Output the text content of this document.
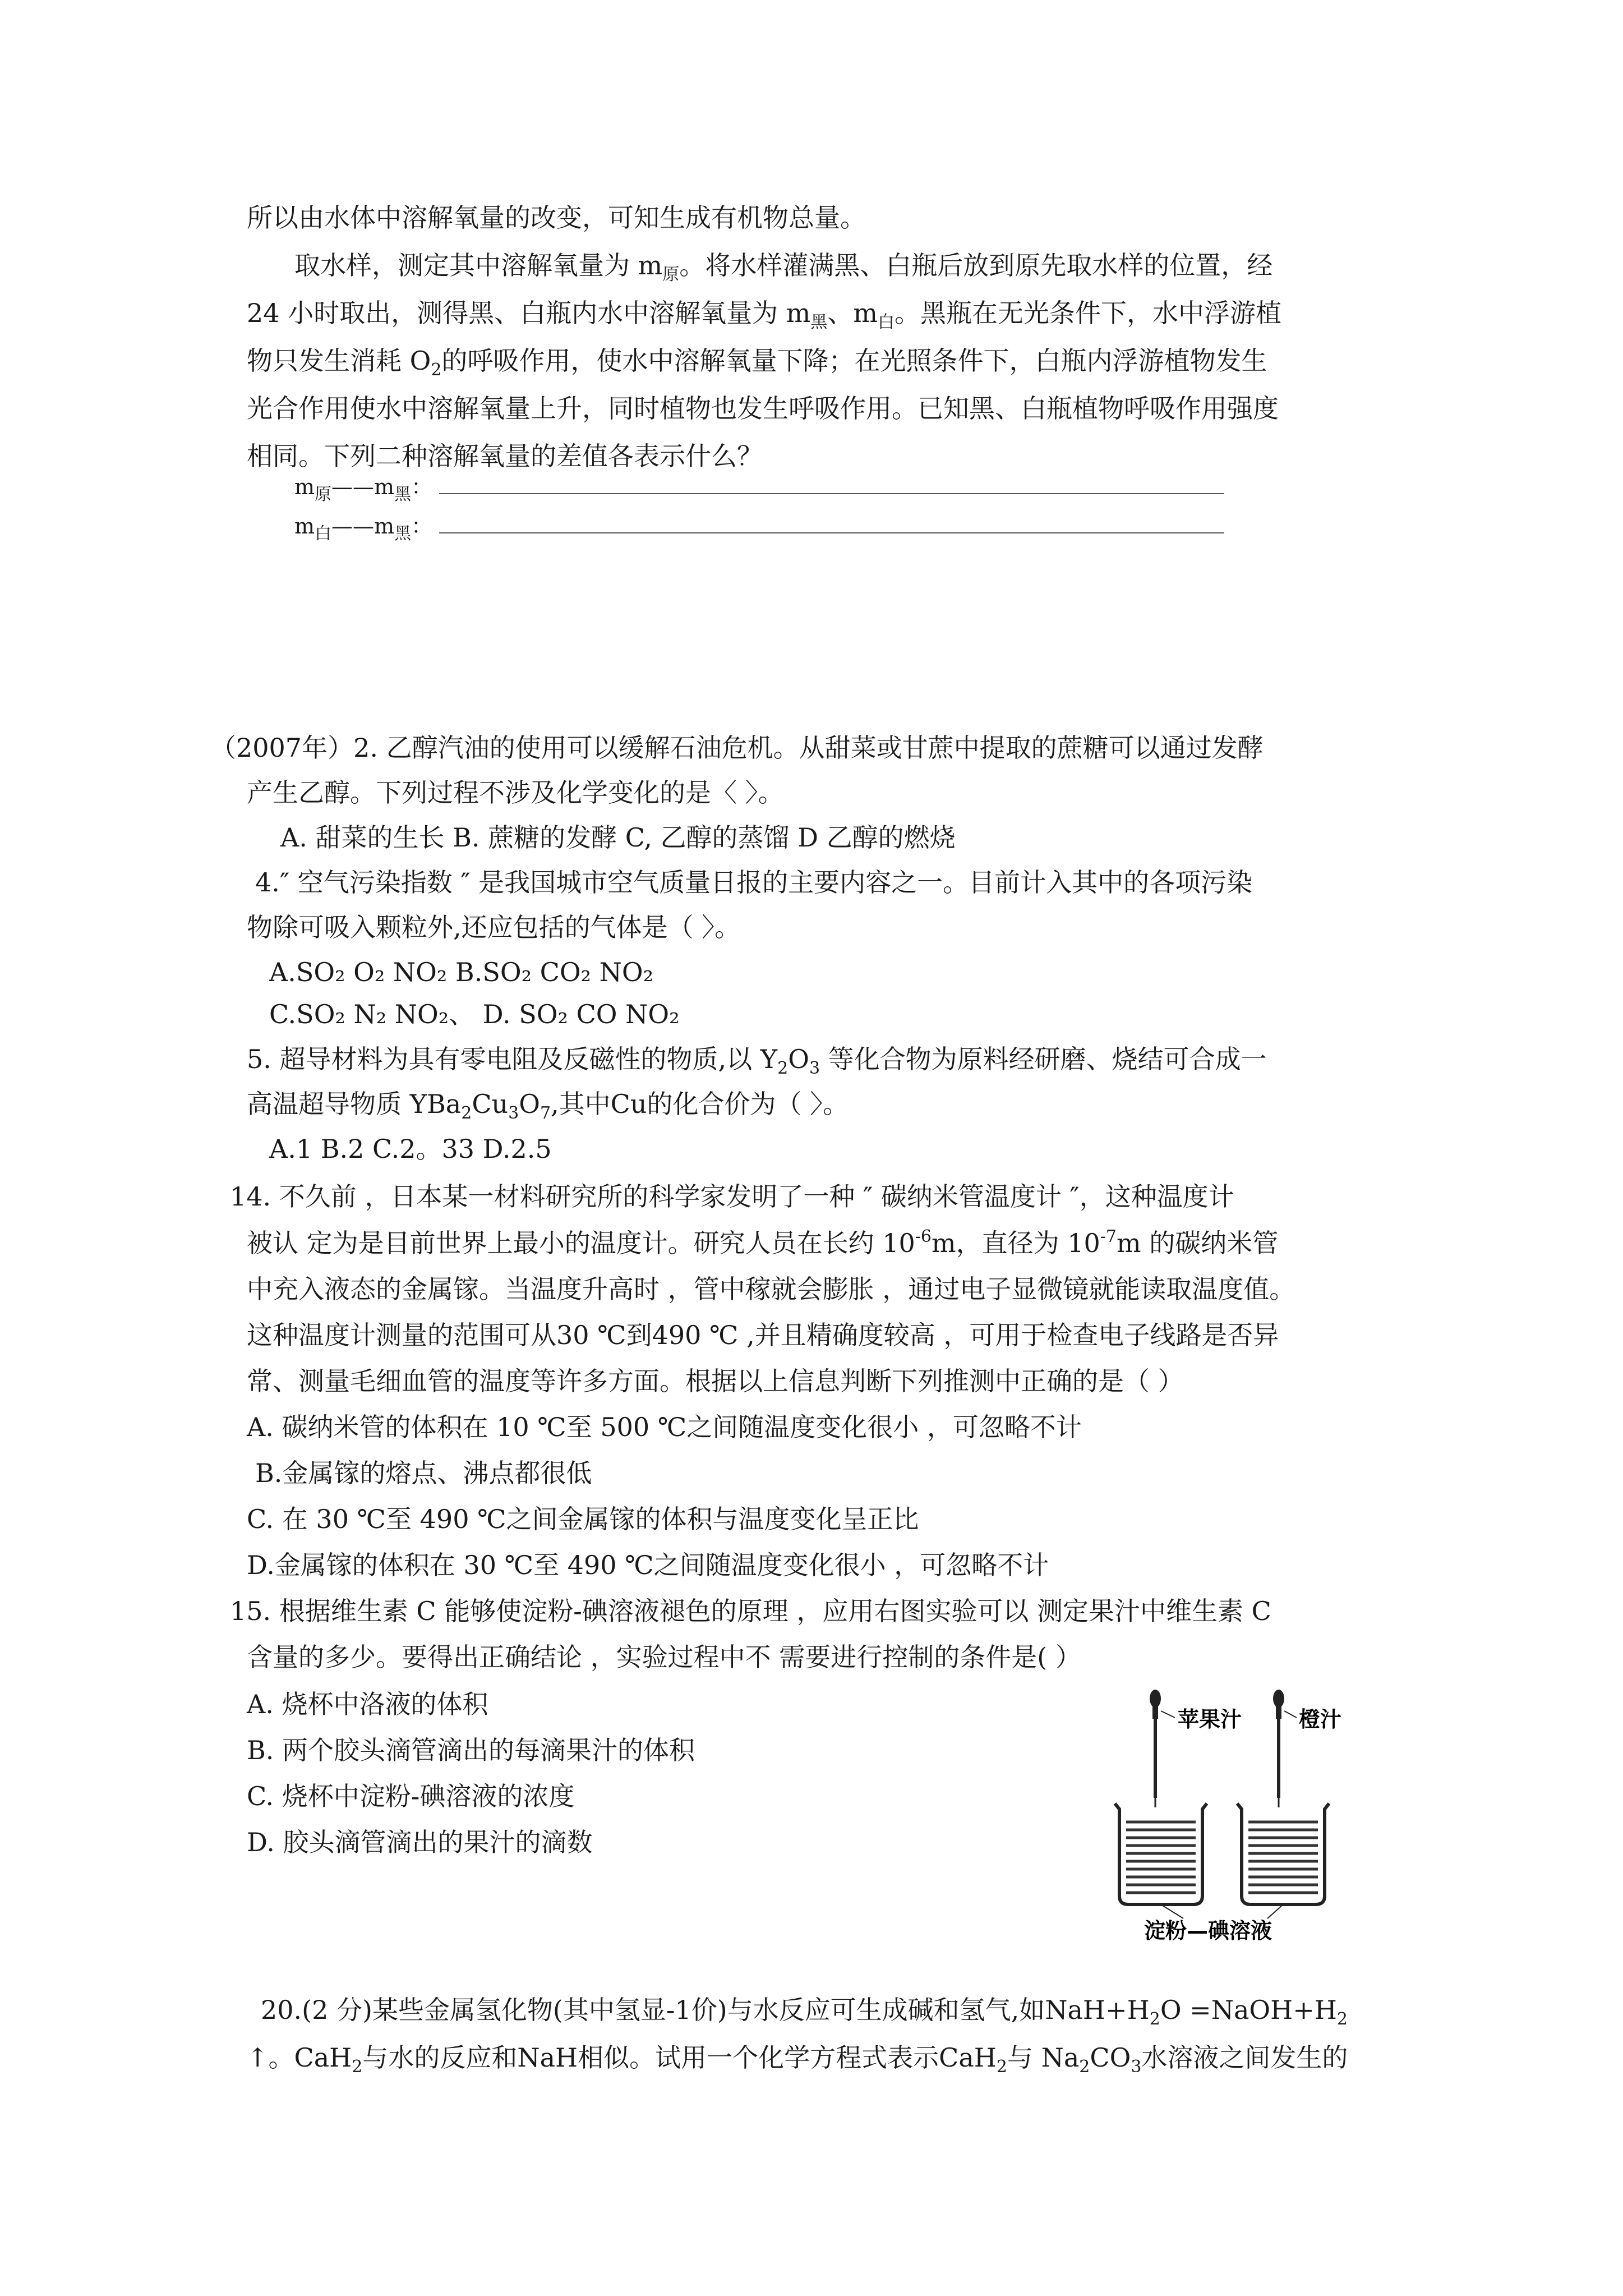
所以由水体中溶解氧量的改变，可知生成有机物总量。
取水样，测定其中溶解氧量为 $m_原$。将水样灌满黑、白瓶后放到原先取水样的位置，经
24 小时取出，测得黑、白瓶内水中溶解氧量为 $m_黑$、$m_白$。黑瓶在无光条件下，水中浮游植
物只发生消耗 $O_2$的呼吸作用，使水中溶解氧量下降；在光照条件下，白瓶内浮游植物发生
光合作用使水中溶解氧量上升，同时植物也发生呼吸作用。已知黑、白瓶植物呼吸作用强度
相同。下列二种溶解氧量的差值各表示什么？
$m_原——m_黑$：
$m_白——m_黑$：
（2007年）2. 乙醇汽油的使用可以缓解石油危机。从甜菜或甘蔗中提取的蔗糖可以通过发酵
产生乙醇。下列过程不涉及化学变化的是〈 〉。
A. 甜菜的生长 B. 蔗糖的发酵 C, 乙醇的蒸馏 D 乙醇的燃烧
4.″ 空气污染指数 ″ 是我国城市空气质量日报的主要内容之一。目前计入其中的各项污染
物除可吸入颗粒外,还应包括的气体是（ 〉。
A.SO₂ O₂ NO₂ B.SO₂ CO₂ NO₂
C.SO₂ N₂ NO₂、 D. SO₂ CO NO₂
5. 超导材料为具有零电阻及反磁性的物质,以 $Y_2O_3$ 等化合物为原料经研磨、烧结可合成一
高温超导物质 $YBa_2Cu_3O_7$,其中Cu的化合价为（ 〉。
A.1 B.2 C.2。33 D.2.5
14. 不久前 ，日本某一材料研究所的科学家发明了一种 ″ 碳纳米管温度计 ″，这种温度计
被认 定为是目前世界上最小的温度计。研究人员在长约 $10^{-6}m$，直径为 $10^{-7}m$ 的碳纳米管
中充入液态的金属镓。当温度升高时 ，管中稼就会膨胀 ，通过电子显微镜就能读取温度值。
这种温度计测量的范围可从30 ℃到490 ℃ ,并且精确度较高 ，可用于检查电子线路是否异
常、测量毛细血管的温度等许多方面。根据以上信息判断下列推测中正确的是（ ）
A. 碳纳米管的体积在 10 ℃至 500 ℃之间随温度变化很小 ，可忽略不计
B.金属镓的熔点、沸点都很低
C. 在 30 ℃至 490 ℃之间金属镓的体积与温度变化呈正比
D.金属镓的体积在 30 ℃至 490 ℃之间随温度变化很小 ，可忽略不计
15. 根据维生素 C 能够使淀粉-碘溶液褪色的原理 ，应用右图实验可以 测定果汁中维生素 C
含量的多少。要得出正确结论 ，实验过程中不 需要进行控制的条件是( ）
A. 烧杯中洛液的体积
B. 两个胶头滴管滴出的每滴果汁的体积
C. 烧杯中淀粉-碘溶液的浓度
D. 胶头滴管滴出的果汁的滴数
苹果汁	橙汁
淀粉—碘溶液
20.(2 分)某些金属氢化物(其中氢显-1价)与水反应可生成碱和氢气,如$NaH+H_2O$ $=NaOH+H_2$
↑。CaH$_2$与水的反应和NaH相似。试用一个化学方程式表示CaH$_2$与 $Na_2CO_3$水溶液之间发生的
